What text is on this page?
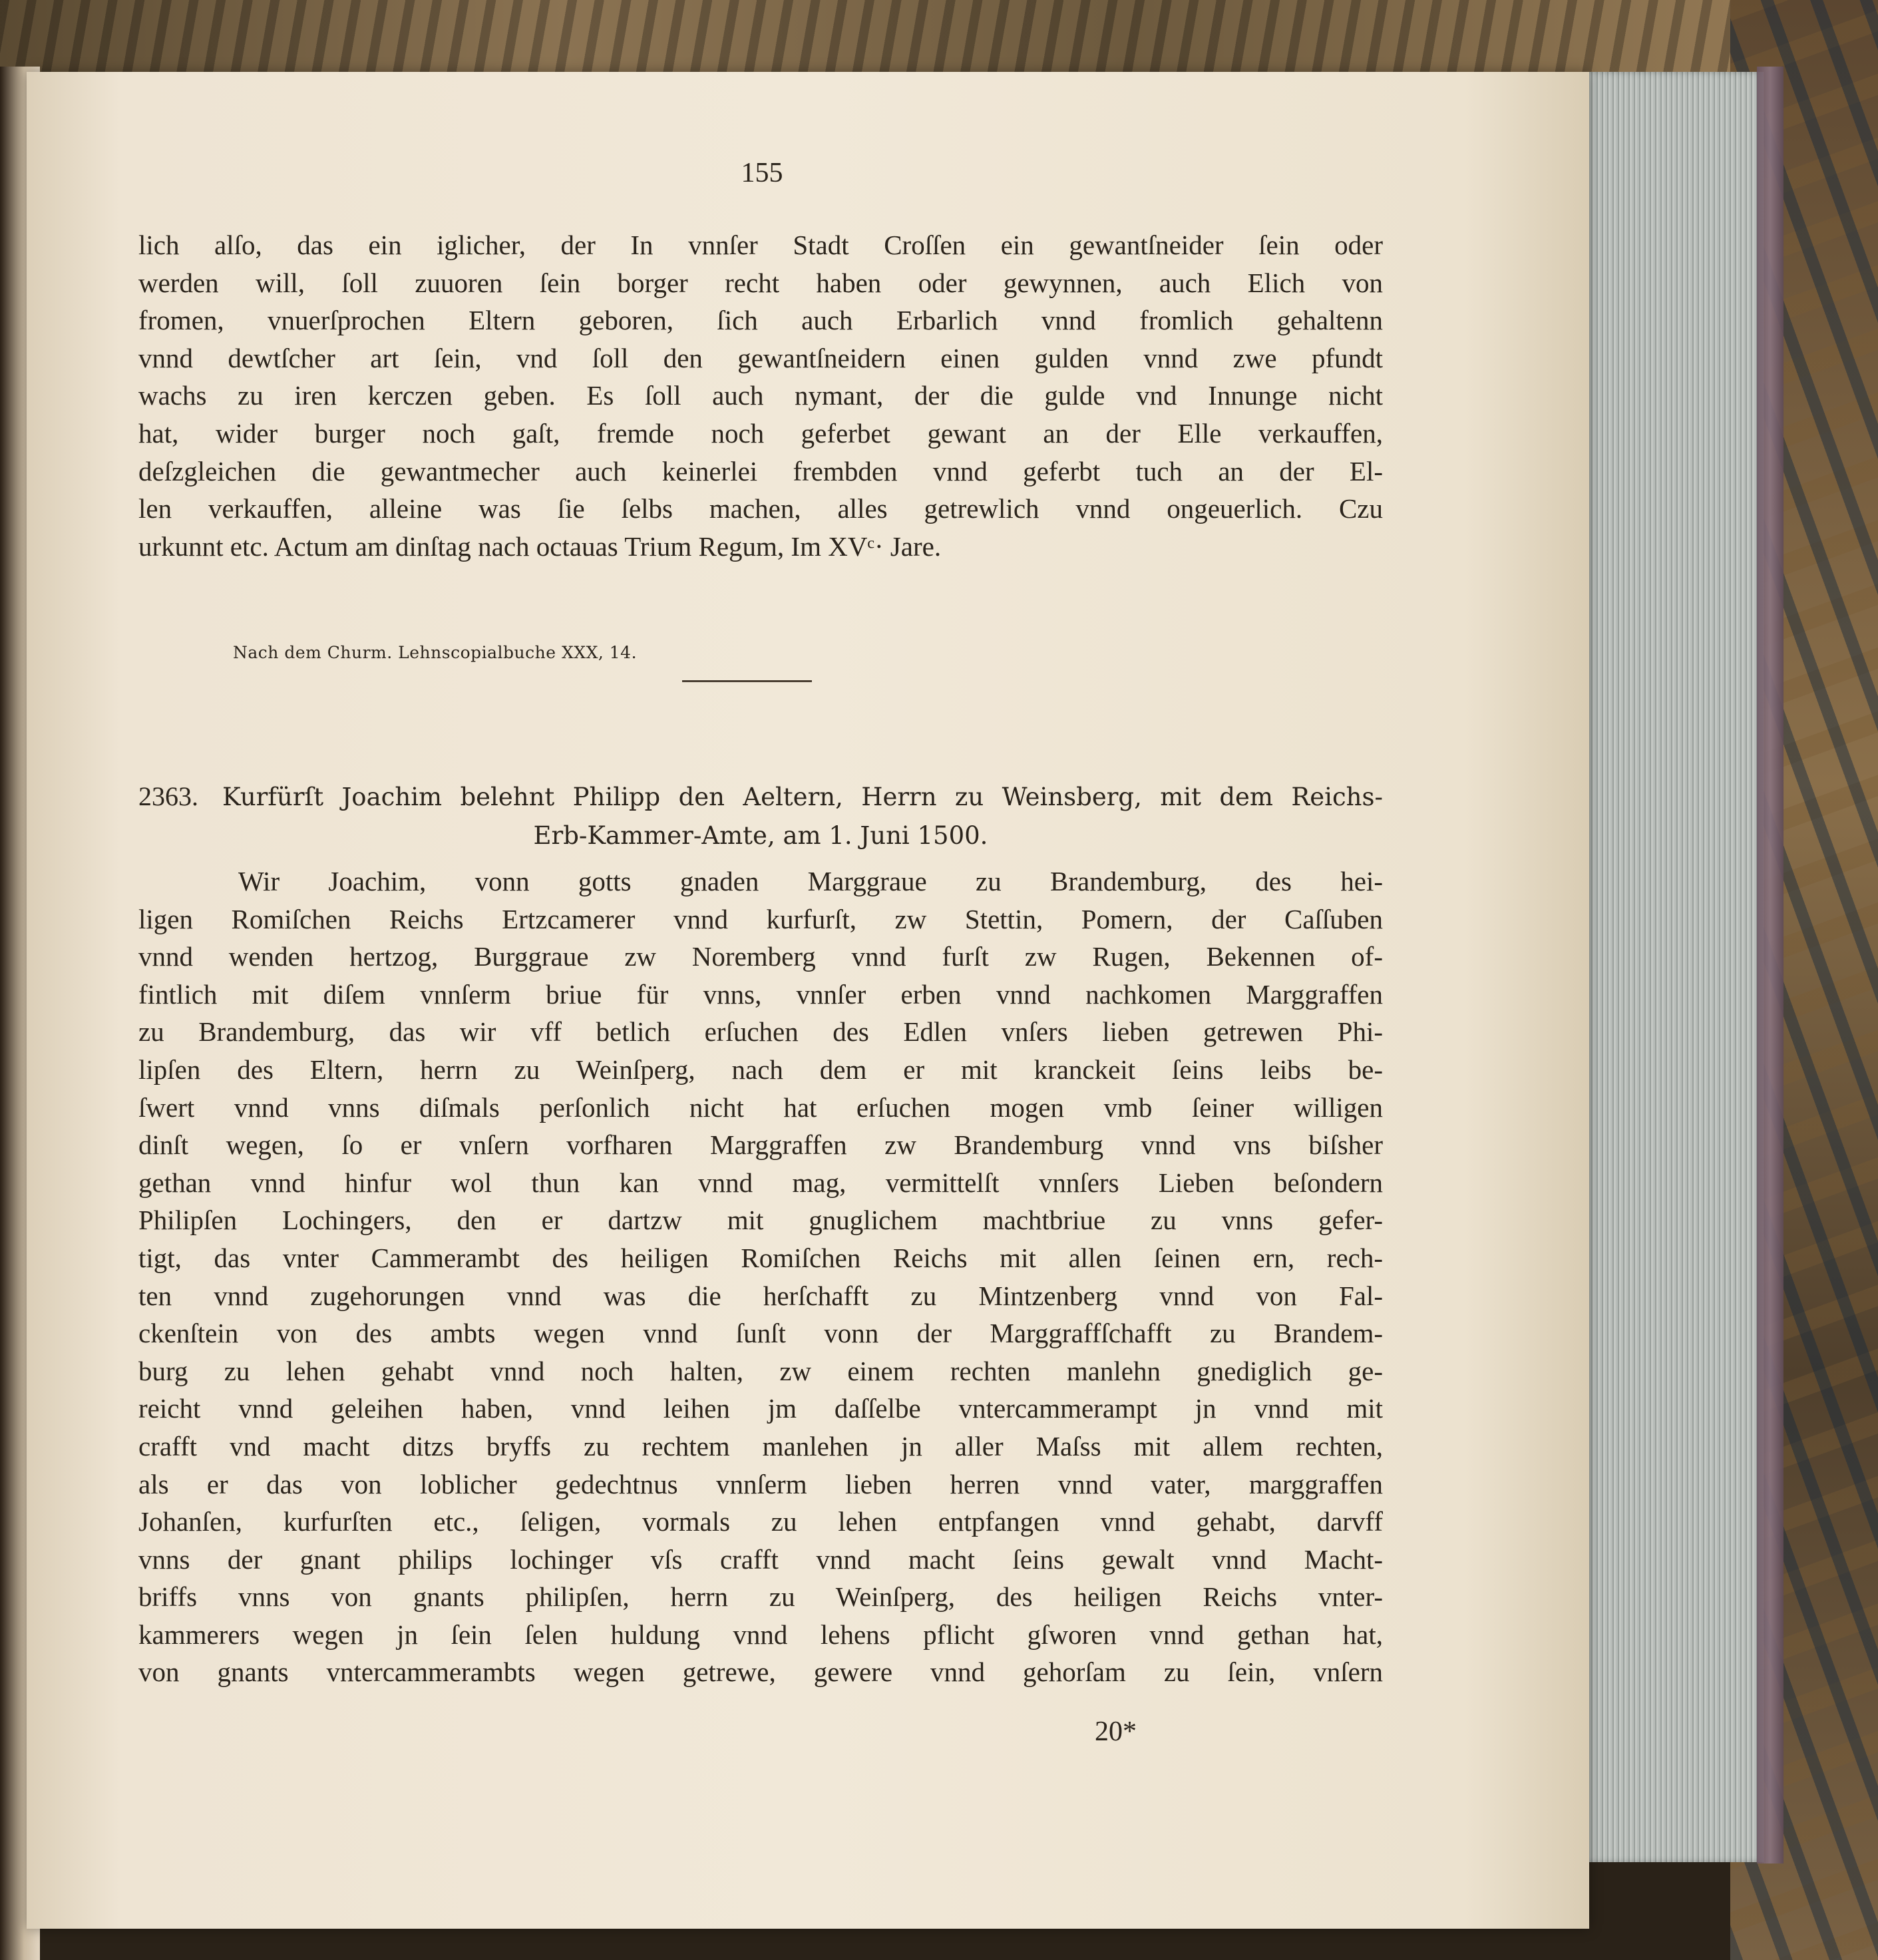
155
lich alſo, das ein iglicher, der In vnnſer Stadt Croſſen ein gewantſneider ſein oder
werden will, ſoll zuuoren ſein borger recht haben oder gewynnen, auch Elich von
fromen, vnuerſprochen Eltern geboren, ſich auch Erbarlich vnnd fromlich gehaltenn
vnnd dewtſcher art ſein, vnd ſoll den gewantſneidern einen gulden vnnd zwe pfundt
wachs zu iren kerczen geben. Es ſoll auch nymant, der die gulde vnd Innunge nicht
hat, wider burger noch gaſt, fremde noch geferbet gewant an der Elle verkauffen,
deſzgleichen die gewantmecher auch keinerlei frembden vnnd geferbt tuch an der El-
len verkauffen, alleine was ſie ſelbs machen, alles getrewlich vnnd ongeuerlich. Czu
urkunnt etc. Actum am dinſtag nach octauas Trium Regum, Im XVᶜ· Jare.
Nach dem Churm. Lehnscopialbuche XXX, 14.
2363. Kurfürſt Joachim belehnt Philipp den Aeltern, Herrn zu Weinsberg, mit dem Reichs-
Erb-Kammer-Amte, am 1. Juni 1500.
Wir Joachim, vonn gotts gnaden Marggraue zu Brandemburg, des hei-
ligen Romiſchen Reichs Ertzcamerer vnnd kurfurſt, zw Stettin, Pomern, der Caſſuben
vnnd wenden hertzog, Burggraue zw Noremberg vnnd furſt zw Rugen, Bekennen of-
fintlich mit diſem vnnſerm briue für vnns, vnnſer erben vnnd nachkomen Marggraffen
zu Brandemburg, das wir vff betlich erſuchen des Edlen vnſers lieben getrewen Phi-
lipſen des Eltern, herrn zu Weinſperg, nach dem er mit kranckeit ſeins leibs be-
ſwert vnnd vnns diſmals perſonlich nicht hat erſuchen mogen vmb ſeiner willigen
dinſt wegen, ſo er vnſern vorfharen Marggraffen zw Brandemburg vnnd vns biſsher
gethan vnnd hinfur wol thun kan vnnd mag, vermittelſt vnnſers Lieben beſondern
Philipſen Lochingers, den er dartzw mit gnuglichem machtbriue zu vnns gefer-
tigt, das vnter Cammerambt des heiligen Romiſchen Reichs mit allen ſeinen ern, rech-
ten vnnd zugehorungen vnnd was die herſchafft zu Mintzenberg vnnd von Fal-
ckenſtein von des ambts wegen vnnd ſunſt vonn der Marggraffſchafft zu Brandem-
burg zu lehen gehabt vnnd noch halten, zw einem rechten manlehn gnediglich ge-
reicht vnnd geleihen haben, vnnd leihen jm daſſelbe vntercammerampt jn vnnd mit
crafft vnd macht ditzs bryffs zu rechtem manlehen jn aller Maſss mit allem rechten,
als er das von loblicher gedechtnus vnnſerm lieben herren vnnd vater, marggraffen
Johanſen, kurfurſten etc., ſeligen, vormals zu lehen entpfangen vnnd gehabt, darvff
vnns der gnant philips lochinger vſs crafft vnnd macht ſeins gewalt vnnd Macht-
briffs vnns von gnants philipſen, herrn zu Weinſperg, des heiligen Reichs vnter-
kammerers wegen jn ſein ſelen huldung vnnd lehens pflicht gſworen vnnd gethan hat,
von gnants vntercammerambts wegen getrewe, gewere vnnd gehorſam zu ſein, vnſern
20*
